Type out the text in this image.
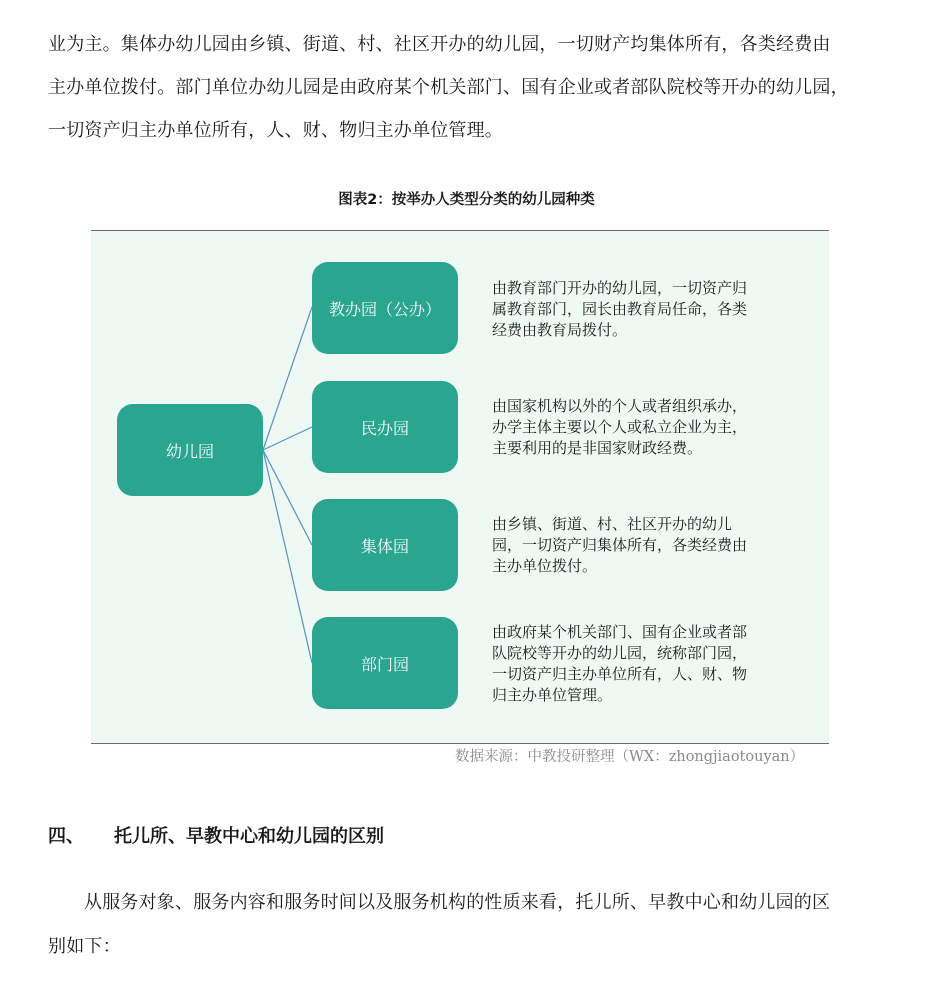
业为主。集体办幼儿园由乡镇、街道、村、社区开办的幼儿园，一切财产均集体所有，各类经费由
主办单位拨付。部门单位办幼儿园是由政府某个机关部门、国有企业或者部队院校等开办的幼儿园，
一切资产归主办单位所有，人、财、物归主办单位管理。
图表2：按举办人类型分类的幼儿园种类
幼儿园
教办园（公办）
民办园
集体园
部门园
由教育部门开办的幼儿园，一切资产归
属教育部门，园长由教育局任命，各类
经费由教育局拨付。
由国家机构以外的个人或者组织承办，
办学主体主要以个人或私立企业为主，
主要利用的是非国家财政经费。
由乡镇、街道、村、社区开办的幼儿
园，一切资产归集体所有，各类经费由
主办单位拨付。
由政府某个机关部门、国有企业或者部
队院校等开办的幼儿园，统称部门园，
一切资产归主办单位所有，人、财、物
归主办单位管理。
数据来源：中教投研整理（WX：zhongjiaotouyan）
四、 托儿所、早教中心和幼儿园的区别
从服务对象、服务内容和服务时间以及服务机构的性质来看，托儿所、早教中心和幼儿园的区
别如下：
